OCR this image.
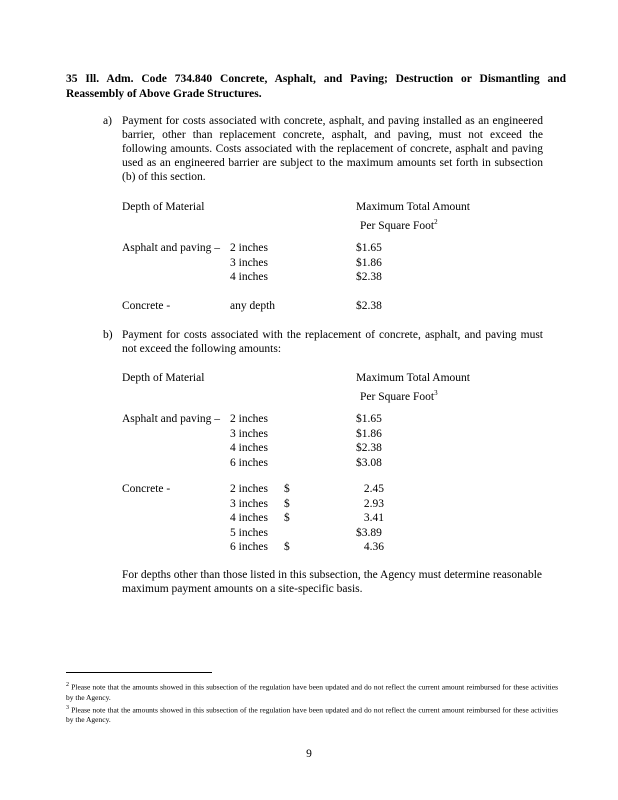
35 Ill. Adm. Code 734.840 Concrete, Asphalt, and Paving; Destruction or Dismantling and Reassembly of Above Grade Structures.
a) Payment for costs associated with concrete, asphalt, and paving installed as an engineered barrier, other than replacement concrete, asphalt, and paving, must not exceed the following amounts. Costs associated with the replacement of concrete, asphalt and paving used as an engineered barrier are subject to the maximum amounts set forth in subsection (b) of this section.
Depth of Material	Maximum Total Amount
Per Square Foot$^2$
Asphalt and paving – 2 inches	$1.65
3 inches	$1.86
4 inches	$2.38
Concrete -	any depth	$2.38
b) Payment for costs associated with the replacement of concrete, asphalt, and paving must not exceed the following amounts:
Depth of Material	Maximum Total Amount
Per Square Foot$^3$
Asphalt and paving – 2 inches	$1.65
3 inches	$1.86
4 inches	$2.38
6 inches	$3.08
Concrete -	2 inches $	2.45
3 inches $	2.93
4 inches $	3.41
5 inches	$3.89
6 inches $	4.36
For depths other than those listed in this subsection, the Agency must determine reasonable maximum payment amounts on a site-specific basis.
$^2$ Please note that the amounts showed in this subsection of the regulation have been updated and do not reflect the current amount reimbursed for these activities by the Agency.
$^3$ Please note that the amounts showed in this subsection of the regulation have been updated and do not reflect the current amount reimbursed for these activities by the Agency.
9
